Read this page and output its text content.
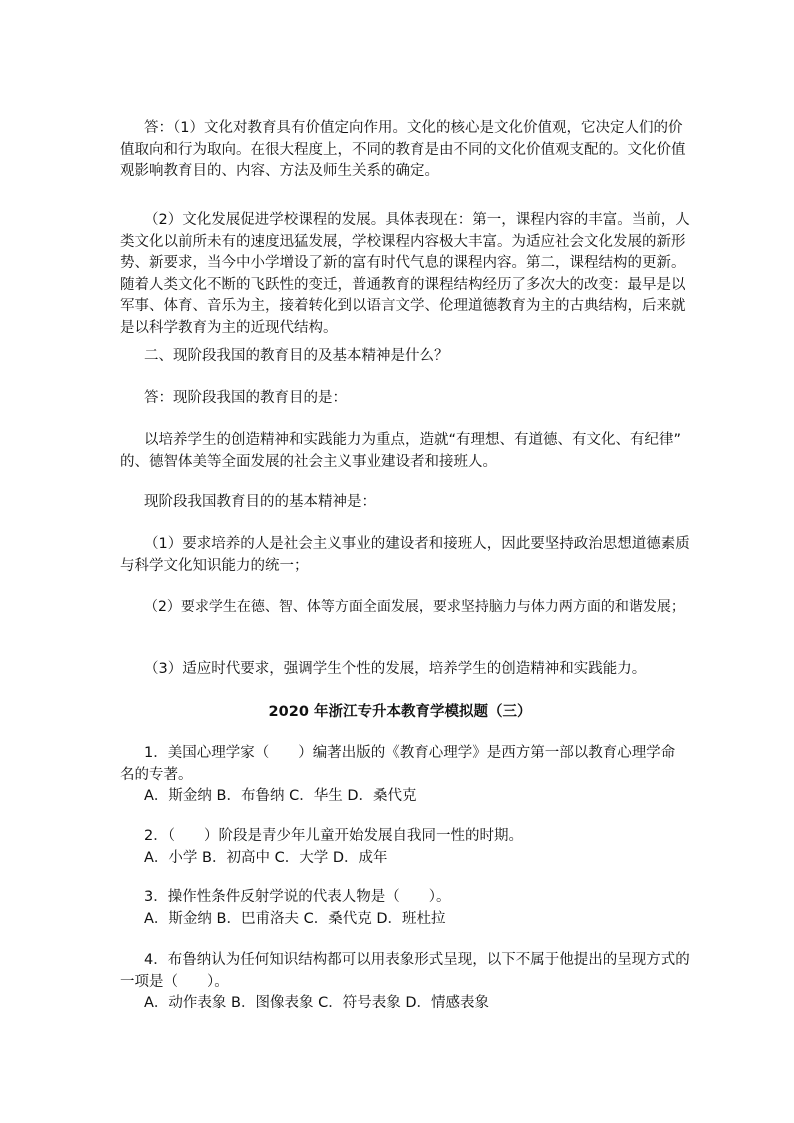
答：（1）文化对教育具有价值定向作用。文化的核心是文化价值观，它决定人们的价
值取向和行为取向。在很大程度上，不同的教育是由不同的文化价值观支配的。文化价值
观影响教育目的、内容、方法及师生关系的确定。
（2）文化发展促进学校课程的发展。具体表现在：第一，课程内容的丰富。当前，人
类文化以前所未有的速度迅猛发展，学校课程内容极大丰富。为适应社会文化发展的新形
势、新要求，当今中小学增设了新的富有时代气息的课程内容。第二，课程结构的更新。
随着人类文化不断的飞跃性的变迁，普通教育的课程结构经历了多次大的改变：最早是以
军事、体育、音乐为主，接着转化到以语言文学、伦理道德教育为主的古典结构，后来就
是以科学教育为主的近现代结构。
二、现阶段我国的教育目的及基本精神是什么？
答：现阶段我国的教育目的是：
以培养学生的创造精神和实践能力为重点，造就“有理想、有道德、有文化、有纪律”
的、德智体美等全面发展的社会主义事业建设者和接班人。
现阶段我国教育目的的基本精神是：
（1）要求培养的人是社会主义事业的建设者和接班人，因此要坚持政治思想道德素质
与科学文化知识能力的统一；
（2）要求学生在德、智、体等方面全面发展，要求坚持脑力与体力两方面的和谐发展；
（3）适应时代要求，强调学生个性的发展，培养学生的创造精神和实践能力。
2020 年浙江专升本教育学模拟题（三）
1．美国心理学家（　　）编著出版的《教育心理学》是西方第一部以教育心理学命
名的专著。
A．斯金纳 B．布鲁纳 C．华生 D．桑代克
2．（　　）阶段是青少年儿童开始发展自我同一性的时期。
A．小学 B．初高中 C．大学 D．成年
3．操作性条件反射学说的代表人物是（　　）。
A．斯金纳 B．巴甫洛夫 C．桑代克 D．班杜拉
4．布鲁纳认为任何知识结构都可以用表象形式呈现，以下不属于他提出的呈现方式的
一项是（　　）。
A．动作表象 B．图像表象 C．符号表象 D．情感表象
